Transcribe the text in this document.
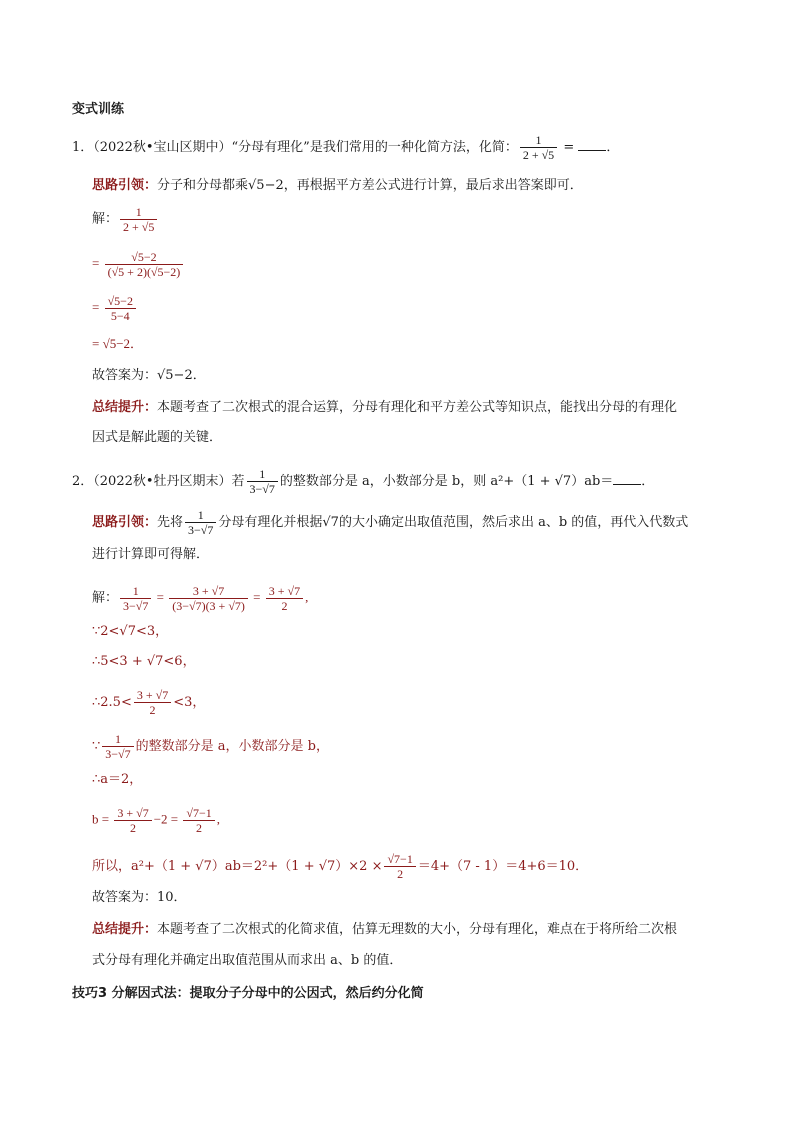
变式训练
1．（2022秋•宝山区期中）“分母有理化”是我们常用的一种化简方法，化简： $\frac{1}{2 + √5}$ = ．
思路引领：分子和分母都乘√5−2，再根据平方差公式进行计算，最后求出答案即可．
解： $\frac{1}{2 + √5}$
= $\frac{√5-2}{(√5 + 2)(√5-2)}$
= $\frac{√5-2}{5-4}$
= √5−2．
故答案为：√5−2．
总结提升：本题考查了二次根式的混合运算，分母有理化和平方差公式等知识点，能找出分母的有理化
因式是解此题的关键．
2．（2022秋•牡丹区期末）若 $\frac{1}{3-√7}$ 的整数部分是 a，小数部分是 b，则 a²+（1 + √7）ab＝ ．
思路引领：先将 $\frac{1}{3-√7}$ 分母有理化并根据√7的大小确定出取值范围，然后求出 a、b 的值，再代入代数式
进行计算即可得解．
解： $\frac{1}{3-√7} = \frac{3 + √7}{(3-√7)(3 + √7)} = \frac{3 + √7}{2}$ ,
∵2<√7<3，
∴5<3 + √7<6，
∴2.5< $\frac{3 + √7}{2} <3$，
∵ $\frac{1}{3-√7}$ 的整数部分是 a，小数部分是 b，
∴a＝2，
$b = \frac{3 + √7}{2} -2 = \frac{√7-1}{2}$ ,
所以，$a^2+(1 + √7)ab=2^2+(1 + √7)\times 2 \times \frac{√7-1}{2} =4+(7 - 1)=4+6=10$．
故答案为：10．
总结提升：本题考查了二次根式的化简求值，估算无理数的大小，分母有理化，难点在于将所给二次根
式分母有理化并确定出取值范围从而求出 a、b 的值．
技巧3 分解因式法：提取分子分母中的公因式，然后约分化简
